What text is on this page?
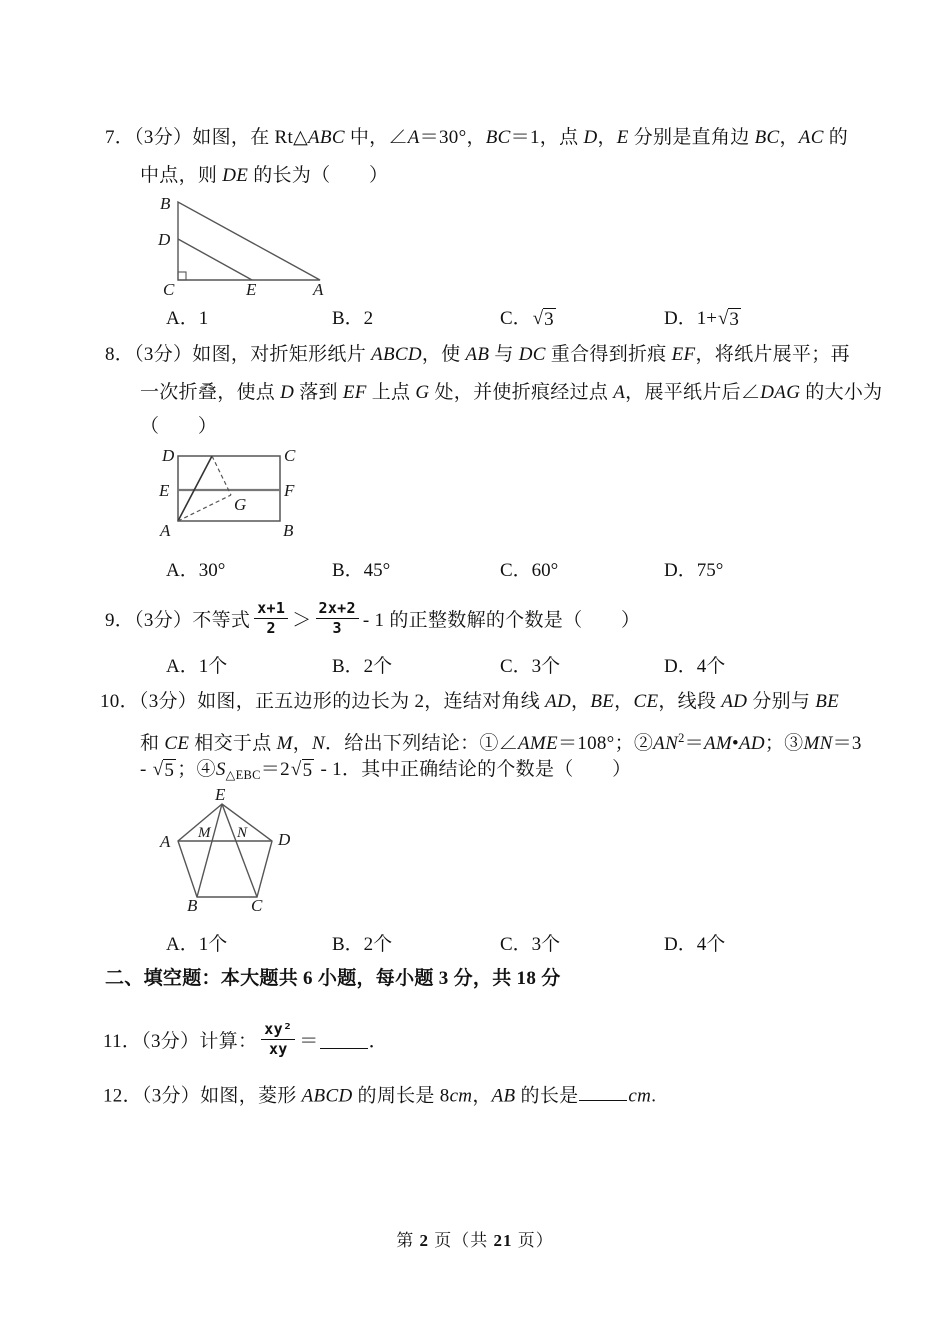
7．（3分）如图，在 Rt△ABC 中，∠A＝30°，BC＝1，点 D，E 分别是直角边 BC，AC 的
中点，则 DE 的长为（　　）
B
D
C	E	A
A．1	B．2	C． √ 3	D．1+ √ 3
8．（3分）如图，对折矩形纸片 ABCD，使 AB 与 DC 重合得到折痕 EF，将纸片展平；再
一次折叠，使点 D 落到 EF 上点 G 处，并使折痕经过点 A，展平纸片后∠DAG 的大小为
（　　）
D	C
E	F
G
A	B
A．30°	B．45°	C．60°	D．75°
9．（3分）不等式 $\frac{x+1}{2} > \frac{2x+2}{3} - 1$ 的正整数解的个数是（　　）
A．1个	B．2个	C．3个	D．4个
10．（3分）如图，正五边形的边长为 2，连结对角线 AD，BE，CE，线段 AD 分别与 BE
和 CE 相交于点 M，N．给出下列结论：①∠AME＝108°；$②AN^2=AM•AD$；③MN＝3
- √ 5 ；$④S_{\triangle EBC}=2$ √ 5 - 1．其中正确结论的个数是（　　）
E
A	D
M N
B	C
A．1个	B．2个	C．3个	D．4个
二、填空题：本大题共 6 小题，每小题 3 分，共 18 分
11．（3分）计算： $\frac{\text{xy²}}{xy}$ ＝	．
12．（3分）如图，菱形 ABCD 的周长是 8cm，AB 的长是	cm.
第 2 页（共 21 页）
